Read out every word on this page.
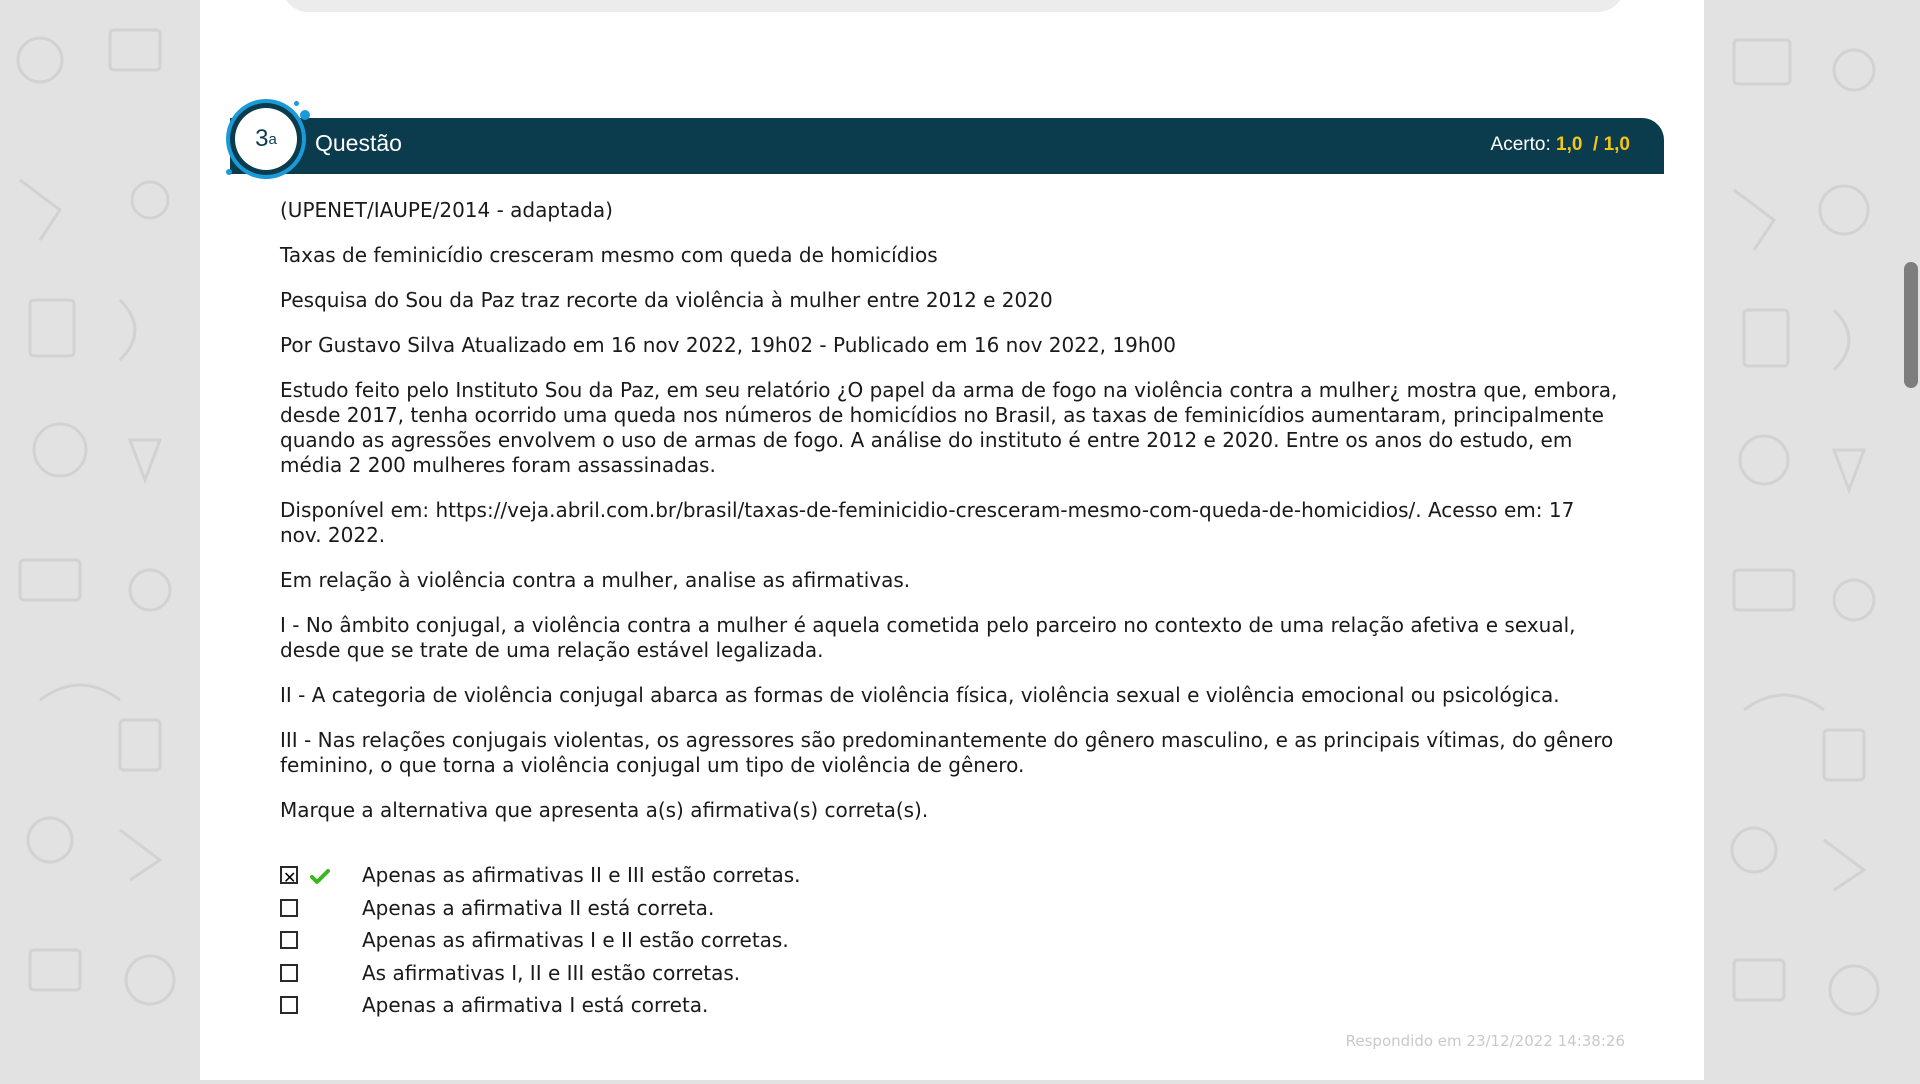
3 a Questão	Acerto: 1,0 / 1,0

(UPENET/IAUPE/2014 - adaptada)

Taxas de feminicídio cresceram mesmo com queda de homicídios

Pesquisa do Sou da Paz traz recorte da violência à mulher entre 2012 e 2020

Por Gustavo Silva Atualizado em 16 nov 2022, 19h02 - Publicado em 16 nov 2022, 19h00

Estudo feito pelo Instituto Sou da Paz, em seu relatório ¿O papel da arma de fogo na violência contra a mulher¿ mostra que, embora, desde 2017, tenha ocorrido uma queda nos números de homicídios no Brasil, as taxas de feminicídios aumentaram, principalmente quando as agressões envolvem o uso de armas de fogo. A análise do instituto é entre 2012 e 2020. Entre os anos do estudo, em média 2 200 mulheres foram assassinadas.

Disponível em: https://veja.abril.com.br/brasil/taxas-de-feminicidio-cresceram-mesmo-com-queda-de-homicidios/. Acesso em: 17 nov. 2022.

Em relação à violência contra a mulher, analise as afirmativas.

I - No âmbito conjugal, a violência contra a mulher é aquela cometida pelo parceiro no contexto de uma relação afetiva e sexual, desde que se trate de uma relação estável legalizada.

II - A categoria de violência conjugal abarca as formas de violência física, violência sexual e violência emocional ou psicológica.

III - Nas relações conjugais violentas, os agressores são predominantemente do gênero masculino, e as principais vítimas, do gênero feminino, o que torna a violência conjugal um tipo de violência de gênero.

Marque a alternativa que apresenta a(s) afirmativa(s) correta(s).

✕
Apenas as afirmativas II e III estão corretas.
Apenas a afirmativa II está correta.
Apenas as afirmativas I e II estão corretas.
As afirmativas I, II e III estão corretas.
Apenas a afirmativa I está correta.
Respondido em 23/12/2022 14:38:26
